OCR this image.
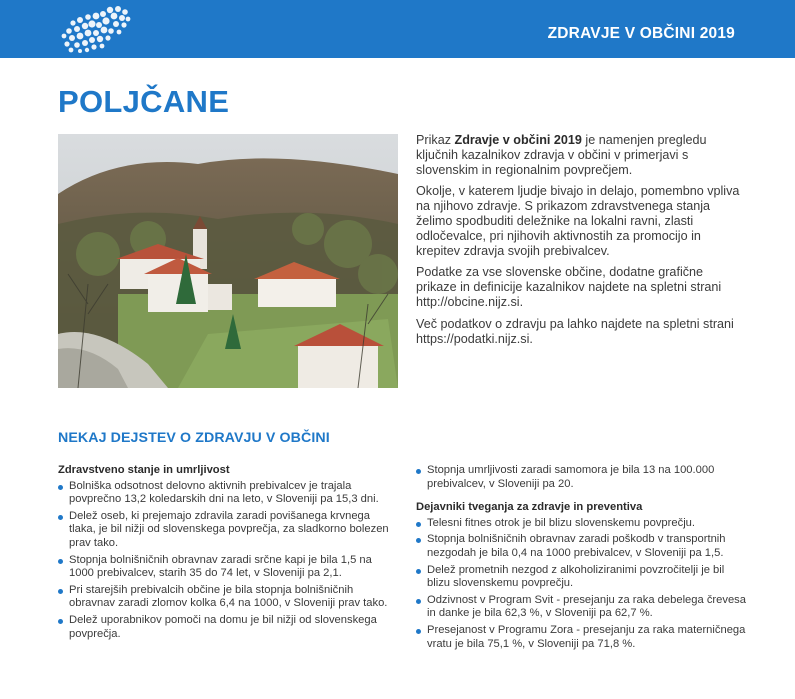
ZDRAVJE V OBČINI 2019
POLJČANE

Prikaz Zdravje v občini 2019 je namenjen pregledu ključnih kazalnikov zdravja v občini v primerjavi s slovenskim in regionalnim povprečjem.

Okolje, v katerem ljudje bivajo in delajo, pomembno vpliva na njihovo zdravje. S prikazom zdravstvenega stanja želimo spodbuditi deležnike na lokalni ravni, zlasti odločevalce, pri njihovih aktivnostih za promocijo in krepitev zdravja svojih prebivalcev.

Podatke za vse slovenske občine, dodatne grafične prikaze in definicije kazalnikov najdete na spletni strani http://obcine.nijz.si.

Več podatkov o zdravju pa lahko najdete na spletni strani https://podatki.nijz.si.

NEKAJ DEJSTEV O ZDRAVJU V OBČINI
Zdravstveno stanje in umrljivost
Bolniška odsotnost delovno aktivnih prebivalcev je trajala povprečno 13,2 koledarskih dni na leto, v Sloveniji pa 15,3 dni.
Delež oseb, ki prejemajo zdravila zaradi povišanega krvnega tlaka, je bil nižji od slovenskega povprečja, za sladkorno bolezen prav tako.
Stopnja bolnišničnih obravnav zaradi srčne kapi je bila 1,5 na 1000 prebivalcev, starih 35 do 74 let, v Sloveniji pa 2,1.
Pri starejših prebivalcih občine je bila stopnja bolnišničnih obravnav zaradi zlomov kolka 6,4 na 1000, v Sloveniji prav tako.
Delež uporabnikov pomoči na domu je bil nižji od slovenskega povprečja.
Stopnja umrljivosti zaradi samomora je bila 13 na 100.000 prebivalcev, v Sloveniji pa 20.
Dejavniki tveganja za zdravje in preventiva
Telesni fitnes otrok je bil blizu slovenskemu povprečju.
Stopnja bolnišničnih obravnav zaradi poškodb v transportnih nezgodah je bila 0,4 na 1000 prebivalcev, v Sloveniji pa 1,5.
Delež prometnih nezgod z alkoholiziranimi povzročitelji je bil blizu slovenskemu povprečju.
Odzivnost v Program Svit - presejanju za raka debelega črevesa in danke je bila 62,3 %, v Sloveniji pa 62,7 %.
Presejanost v Programu Zora - presejanju za raka materničnega vratu je bila 75,1 %, v Sloveniji pa 71,8 %.
